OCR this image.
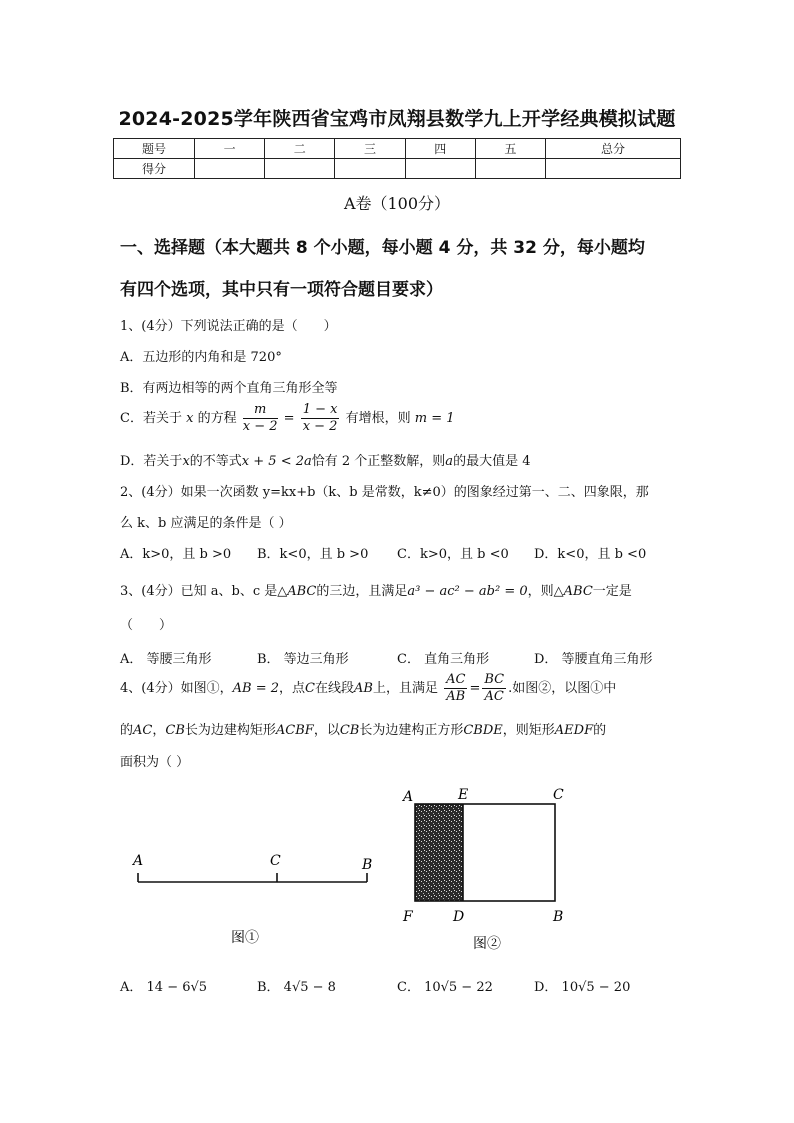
2024-2025学年陕西省宝鸡市凤翔县数学九上开学经典模拟试题
题号	一	二	三	四	五	总分
得分						
A卷（100分）
一、选择题（本大题共 8 个小题，每小题 4 分，共 32 分，每小题均
有四个选项，其中只有一项符合题目要求）
1、(4分）下列说法正确的是（　　）
A．五边形的内角和是 720°
B．有两边相等的两个直角三角形全等
C．若关于 x 的方程 $\frac{m}{x - 2} = \frac{1 - x}{x - 2}$ 有增根，则 m = 1
D．若关于x的不等式x + 5 < 2a恰有 2 个正整数解，则a的最大值是 4
2、(4分）如果一次函数 y=kx+b（k、b 是常数，k≠0）的图象经过第一、二、四象限，那
么 k、b 应满足的条件是（ ）
A．k>0，且 b >0 B．k<0，且 b >0 C．k>0，且 b <0 D．k<0，且 b <0
3、(4分）已知 a、b、c 是△ABC的三边，且满足a³ − ac² − ab² = 0，则△ABC一定是
（　　）
A． 等腰三角形	B． 等边三角形	C． 直角三角形	D． 等腰直角三角形
4、(4分）如图①，AB = 2，点C在线段AB上，且满足 $\frac{AC}{AB} = \frac{BC}{AC}$ .如图②，以图①中
的AC，CB长为边建构矩形ACBF，以CB长为边建构正方形CBDE，则矩形AEDF的
面积为（ ）
A	C	B
图①
A	E	C
F	D	B
图②
A． 14 − 6√5	B． 4√5 − 8	C． 10√5 − 22	D． 10√5 − 20
